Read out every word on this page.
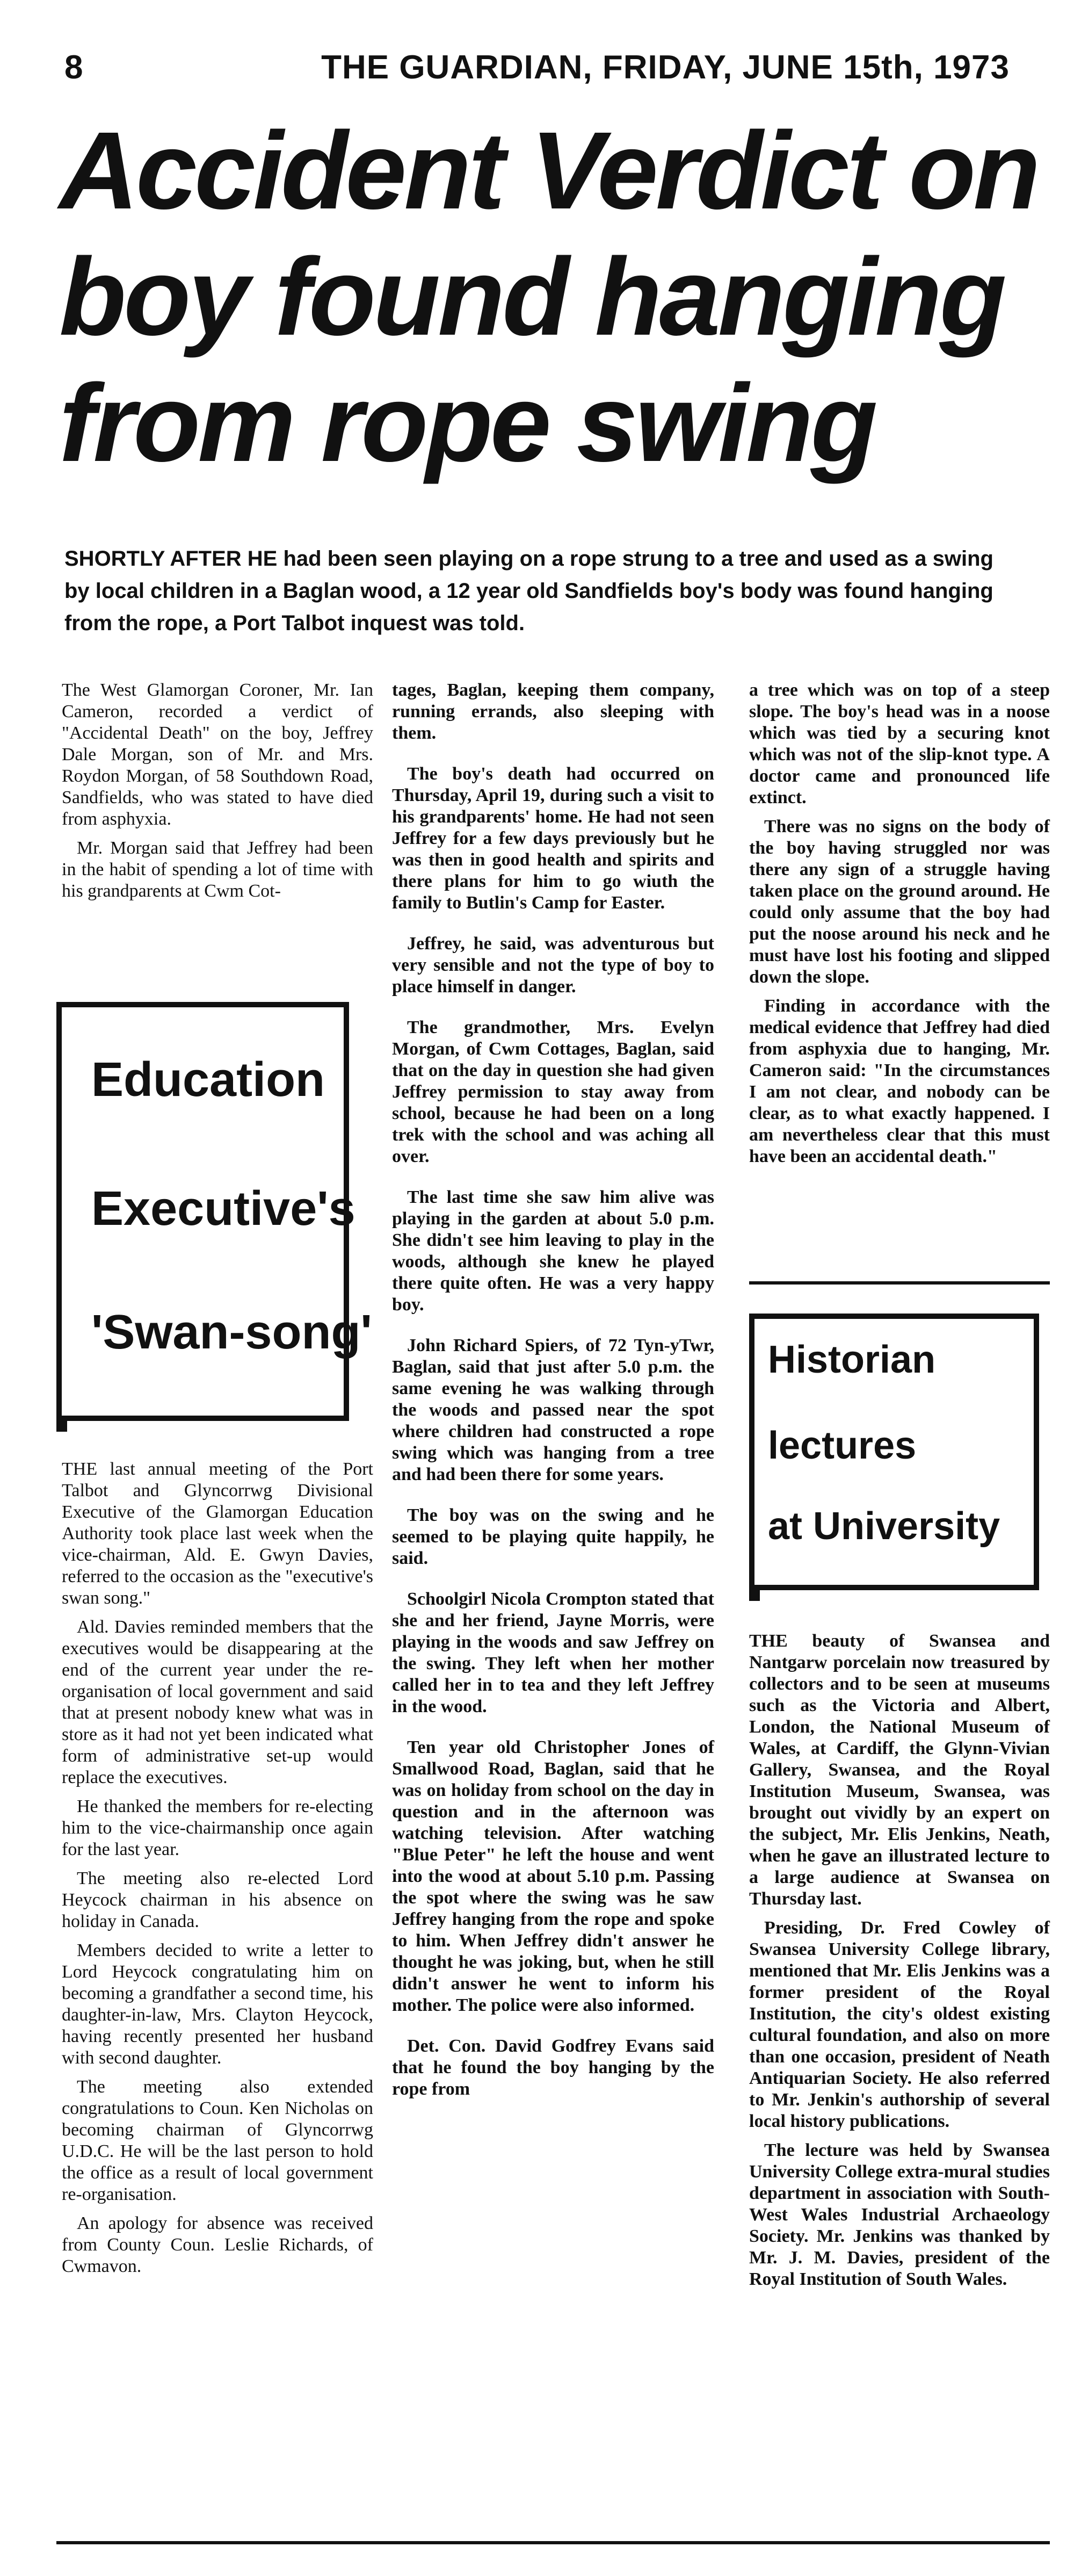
8	THE GUARDIAN, FRIDAY, JUNE 15th, 1973
Accident Verdict on
boy found hanging
from rope swing
SHORTLY AFTER HE had been seen playing on a rope strung to a tree and used as a swing by local children in a Baglan wood, a 12 year old Sandfields boy's body was found hanging from the rope, a Port Talbot inquest was told.

The West Glamorgan Coroner, Mr. Ian Cameron, recorded a verdict of "Accidental Death" on the boy, Jeffrey Dale Morgan, son of Mr. and Mrs. Roydon Morgan, of 58 Southdown Road, Sandfields, who was stated to have died from asphyxia.

Mr. Morgan said that Jeffrey had been in the habit of spending a lot of time with his grandparents at Cwm Cot-

Education
Executive's
'Swan-song'

THE last annual meeting of the Port Talbot and Glyncorrwg Divisional Executive of the Glamorgan Education Authority took place last week when the vice-chairman, Ald. E. Gwyn Davies, referred to the occasion as the "executive's swan song."

Ald. Davies reminded members that the executives would be disappearing at the end of the current year under the re-organisation of local government and said that at present nobody knew what was in store as it had not yet been indicated what form of administrative set-up would replace the executives.

He thanked the members for re-electing him to the vice-chairmanship once again for the last year.

The meeting also re-elected Lord Heycock chairman in his absence on holiday in Canada.

Members decided to write a letter to Lord Heycock congratulating him on becoming a grandfather a second time, his daughter-in-law, Mrs. Clayton Heycock, having recently presented her husband with second daughter.

The meeting also extended congratulations to Coun. Ken Nicholas on becoming chairman of Glyncorrwg U.D.C. He will be the last person to hold the office as a result of local government re-organisation.

An apology for absence was received from County Coun. Leslie Richards, of Cwmavon.

tages, Baglan, keeping them company, running errands, also sleeping with them.

The boy's death had occurred on Thursday, April 19, during such a visit to his grandparents' home. He had not seen Jeffrey for a few days previously but he was then in good health and spirits and there plans for him to go wiuth the family to Butlin's Camp for Easter.

Jeffrey, he said, was adventurous but very sensible and not the type of boy to place himself in danger.

The grandmother, Mrs. Evelyn Morgan, of Cwm Cottages, Baglan, said that on the day in question she had given Jeffrey permission to stay away from school, because he had been on a long trek with the school and was aching all over.

The last time she saw him alive was playing in the garden at about 5.0 p.m. She didn't see him leaving to play in the woods, although she knew he played there quite often. He was a very happy boy.

John Richard Spiers, of 72 Tyn-yTwr, Baglan, said that just after 5.0 p.m. the same evening he was walking through the woods and passed near the spot where children had constructed a rope swing which was hanging from a tree and had been there for some years.

The boy was on the swing and he seemed to be playing quite happily, he said.

Schoolgirl Nicola Crompton stated that she and her friend, Jayne Morris, were playing in the woods and saw Jeffrey on the swing. They left when her mother called her in to tea and they left Jeffrey in the wood.

Ten year old Christopher Jones of Smallwood Road, Baglan, said that he was on holiday from school on the day in question and in the afternoon was watching television. After watching "Blue Peter" he left the house and went into the wood at about 5.10 p.m. Passing the spot where the swing was he saw Jeffrey hanging from the rope and spoke to him. When Jeffrey didn't answer he thought he was joking, but, when he still didn't answer he went to inform his mother. The police were also informed.

Det. Con. David Godfrey Evans said that he found the boy hanging by the rope from

a tree which was on top of a steep slope. The boy's head was in a noose which was tied by a securing knot which was not of the slip-knot type. A doctor came and pronounced life extinct.

There was no signs on the body of the boy having struggled nor was there any sign of a struggle having taken place on the ground around. He could only assume that the boy had put the noose around his neck and he must have lost his footing and slipped down the slope.

Finding in accordance with the medical evidence that Jeffrey had died from asphyxia due to hanging, Mr. Cameron said: "In the circumstances I am not clear, and nobody can be clear, as to what exactly happened. I am nevertheless clear that this must have been an accidental death."

Historian
lectures
at University

THE beauty of Swansea and Nantgarw porcelain now treasured by collectors and to be seen at museums such as the Victoria and Albert, London, the National Museum of Wales, at Cardiff, the Glynn-Vivian Gallery, Swansea, and the Royal Institution Museum, Swansea, was brought out vividly by an expert on the subject, Mr. Elis Jenkins, Neath, when he gave an illustrated lecture to a large audience at Swansea on Thursday last.

Presiding, Dr. Fred Cowley of Swansea University College library, mentioned that Mr. Elis Jenkins was a former president of the Royal Institution, the city's oldest existing cultural foundation, and also on more than one occasion, president of Neath Antiquarian Society. He also referred to Mr. Jenkin's authorship of several local history publications.

The lecture was held by Swansea University College extra-mural studies department in association with South-West Wales Industrial Archaeology Society. Mr. Jenkins was thanked by Mr. J. M. Davies, president of the Royal Institution of South Wales.
